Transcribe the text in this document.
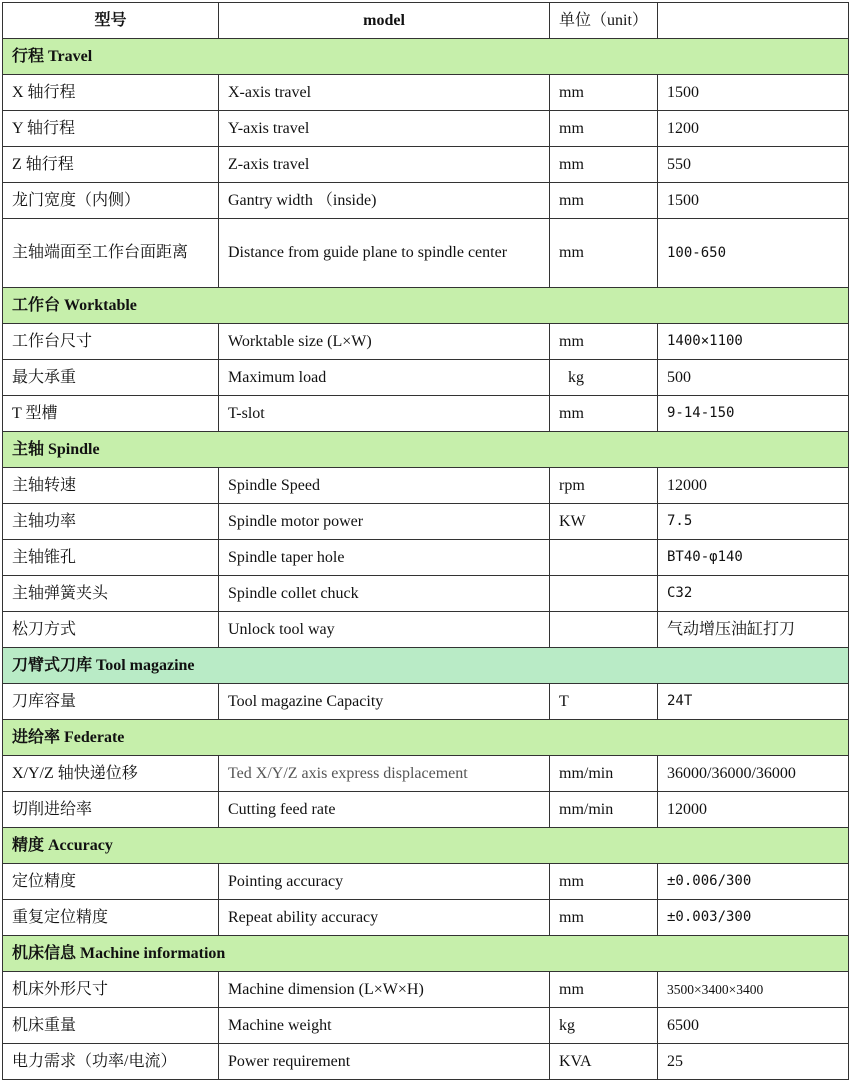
型号	model	单位（unit）	
行程 Travel			
X 轴行程	X-axis travel	mm	1500
Y 轴行程	Y-axis travel	mm	1200
Z 轴行程	Z-axis travel	mm	550
龙门宽度（内侧）	Gantry width （inside)	mm	1500
主轴端面至工作台面距离	Distance from guide plane to spindle center	mm	100-650
工作台 Worktable			
工作台尺寸	Worktable size (L×W)	mm	1400×1100
最大承重	Maximum load	kg	500
T 型槽	T-slot	mm	9-14-150
主轴 Spindle			
主轴转速	Spindle Speed	rpm	12000
主轴功率	Spindle motor power	KW	7.5
主轴锥孔	Spindle taper hole		BT40-φ140
主轴弹簧夹头	Spindle collet chuck		C32
松刀方式	Unlock tool way		气动增压油缸打刀
刀臂式刀库 Tool magazine			
刀库容量	Tool magazine Capacity	T	24T
进给率 Federate			
X/Y/Z 轴快递位移	Ted X/Y/Z axis express displacement	mm/min	36000/36000/36000
切削进给率	Cutting feed rate	mm/min	12000
精度 Accuracy			
定位精度	Pointing accuracy	mm	±0.006/300
重复定位精度	Repeat ability accuracy	mm	±0.003/300
机床信息 Machine information			
机床外形尺寸	Machine dimension (L×W×H)	mm	3500×3400×3400
机床重量	Machine weight	kg	6500
电力需求（功率/电流）	Power requirement	KVA	25
